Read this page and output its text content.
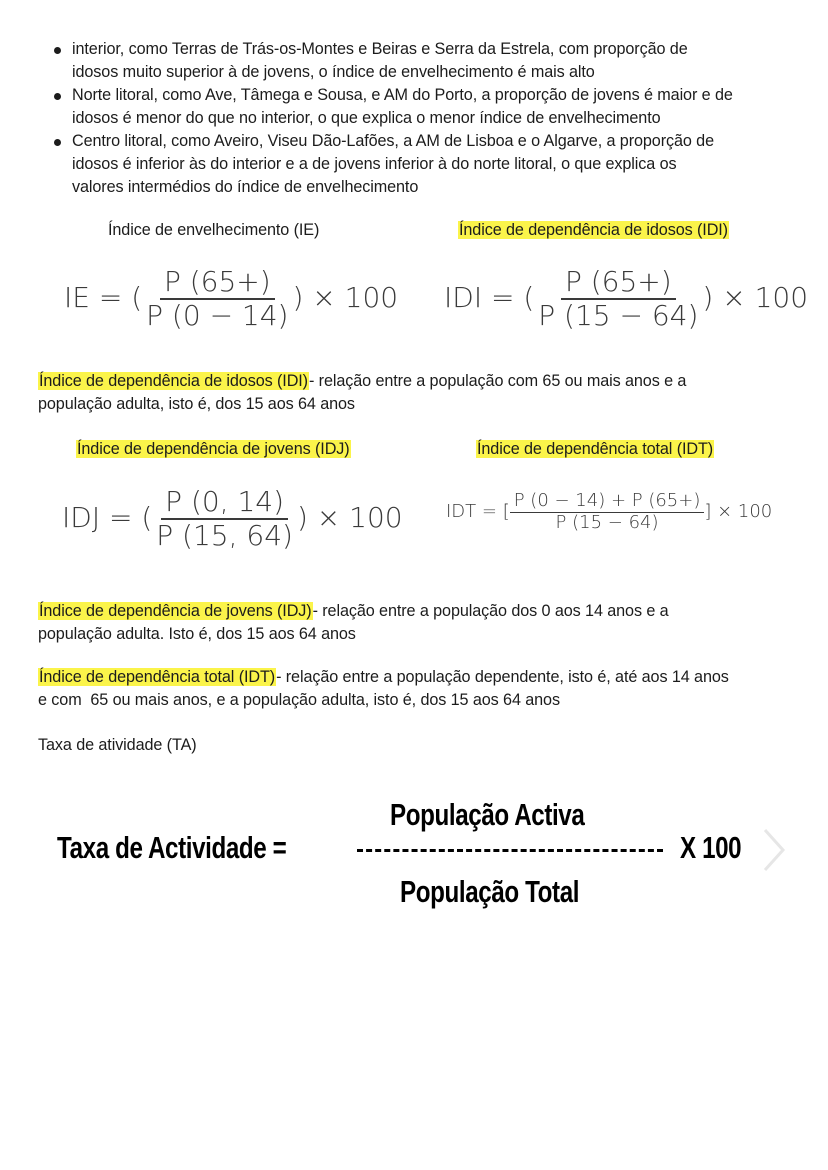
interior, como Terras de Trás-os-Montes e Beiras e Serra da Estrela, com proporção de
idosos muito superior à de jovens, o índice de envelhecimento é mais alto
Norte litoral, como Ave, Tâmega e Sousa, e AM do Porto, a proporção de jovens é maior e de
idosos é menor do que no interior, o que explica o menor índice de envelhecimento
Centro litoral, como Aveiro, Viseu Dão-Lafões, a AM de Lisboa e o Algarve, a proporção de
idosos é inferior às do interior e a de jovens inferior à do norte litoral, o que explica os
valores intermédios do índice de envelhecimento
Índice de envelhecimento (IE)	Índice de dependência de idosos (IDI)
IE = ( $\frac{P (65+)}{P (0 - 14)}$ ) × 100 IDI = ( $\frac{P (65+)}{P (15 - 64)}$ ) × 100
Índice de dependência de idosos (IDI)- relação entre a população com 65 ou mais anos e a
população adulta, isto é, dos 15 aos 64 anos
Índice de dependência de jovens (IDJ)	Índice de dependência total (IDT)
IDJ = ( $\frac{P (0, 14)}{P (15, 64)}$ ) × 100 IDT = [ $\frac{P (0 - 14) + P (65+)}{P (15 - 64)}$ ] × 100
Índice de dependência de jovens (IDJ)- relação entre a população dos 0 aos 14 anos e a
população adulta. Isto é, dos 15 aos 64 anos
Índice de dependência total (IDT)- relação entre a população dependente, isto é, até aos 14 anos
e com  65 ou mais anos, e a população adulta, isto é, dos 15 aos 64 anos
Taxa de atividade (TA)
Taxa de Actividade =
População Activa
X 100
População Total
